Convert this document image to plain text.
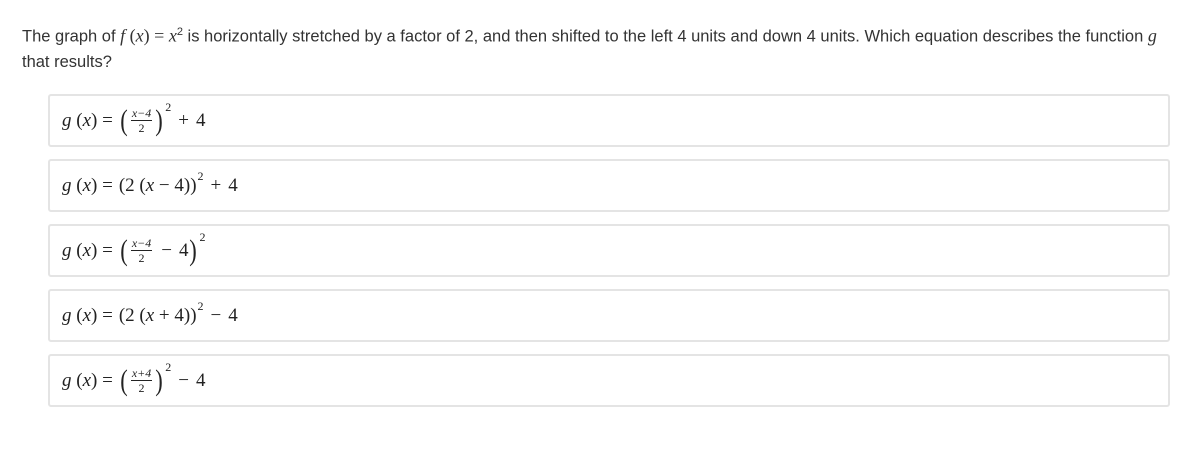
The graph of f $(x) = x^2$ is horizontally stretched by a factor of 2, and then shifted to the left 4 units and down 4 units. Which equation describes the function g that results?
g ( x ) = ( $\frac{x-4}{2}$ ) 2
+ 4
g ( x ) = (2 ( x − 4)) 2 + 4
g ( x ) = ( $\frac{x-4}{2} - 4$ ) 2
g ( x ) = (2 ( x + 4)) 2 − 4
g ( x ) = ( $\frac{x+4}{2}$ ) 2
− 4
